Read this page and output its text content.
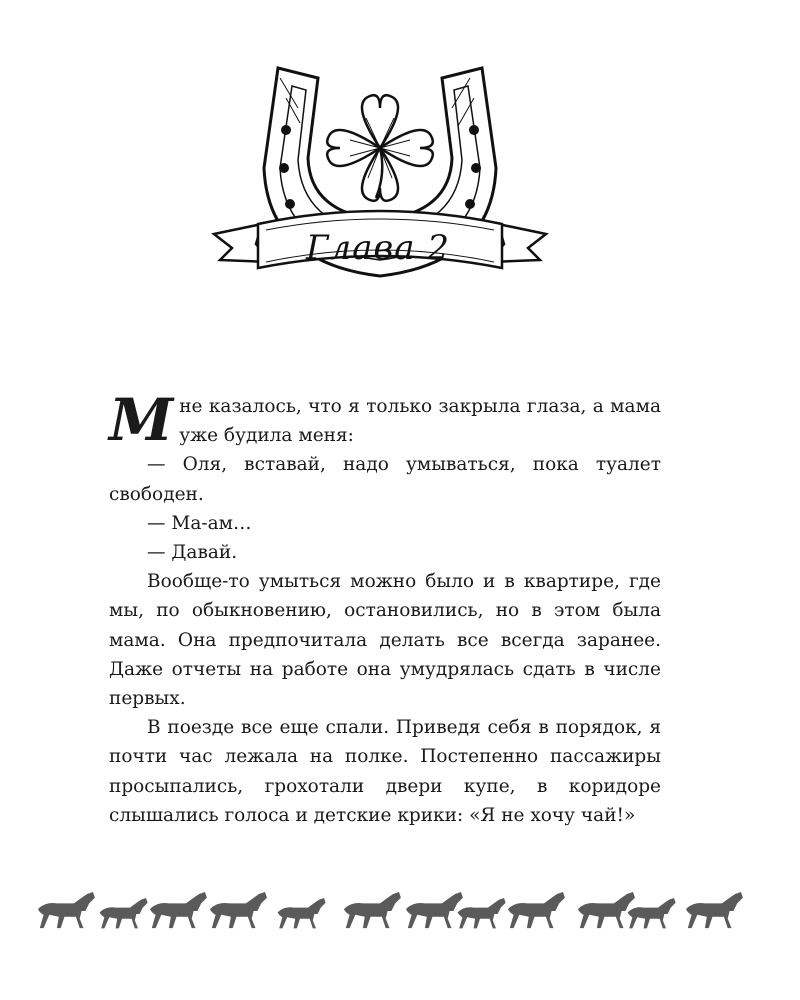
Глава 2

Мне казалось, что я только закрыла глаза, а мама уже будила меня:

— Оля, вставай, надо умываться, пока туалет свободен.

— Ма-ам…

— Давай.

Вообще-то умыться можно было и в квартире, где мы, по обыкновению, остановились, но в этом была мама. Она предпочитала делать все всегда заранее. Даже отчеты на работе она умудрялась сдать в числе первых.

В поезде все еще спали. Приведя себя в порядок, я почти час лежала на полке. Постепенно пассажиры просыпались, грохотали двери купе, в коридоре слышались голоса и детские крики: «Я не хочу чай!»
